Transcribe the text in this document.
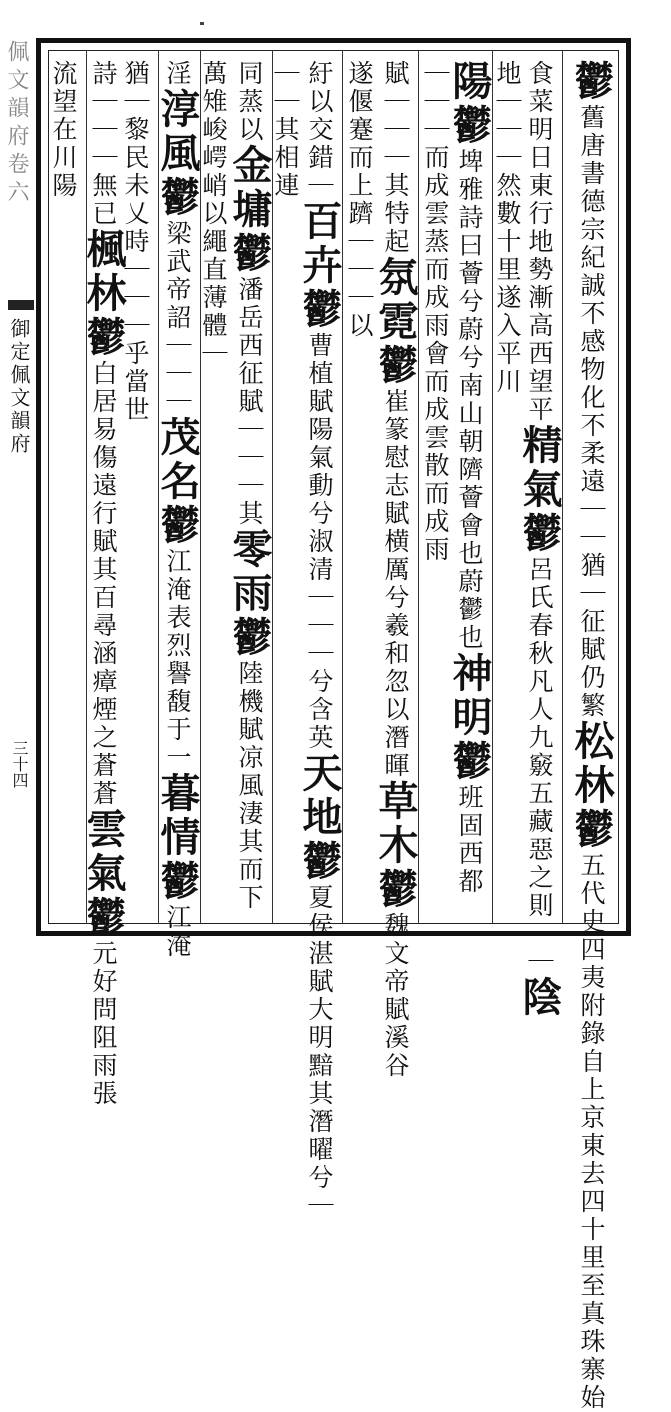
佩文韻府卷六
御定佩文韻府
三十四
鬱舊唐書德宗紀誠不感物化不柔遠｜｜猶｜征賦仍繁松林鬱五代史四夷附錄自上京東去四十里至真珠寨始
食菜明日東行地勢漸高西望平精氣鬱呂氏春秋凡人九竅五藏惡之則｜｜陰
地｜｜｜然數十里遂入平川
陽鬱埤雅詩曰薈兮蔚兮南山朝隮薈會也蔚鬱也神明鬱班固西都
｜｜｜而成雲蒸而成雨會而成雲散而成雨
賦｜｜｜其特起氛霓鬱崔篆慰志賦横厲兮羲和忽以潛暉草木鬱魏文帝賦溪谷
遂偃蹇而上躋｜｜｜以
紆以交錯｜百卉鬱曹植賦陽氣動兮淑清｜｜｜兮含英天地鬱夏侯湛賦大明黯其潛曜兮｜
｜｜其相連
同蒸以金墉鬱潘岳西征賦｜｜｜其零雨鬱陸機賦凉風淒其而下
萬雉峻崿峭以繩直薄體｜
淫淳風鬱梁武帝詔｜｜｜茂名鬱江淹表烈譽馥于一暮情鬱江淹
猶｜黎民未乂時｜｜｜乎當世
詩｜｜｜無已楓林鬱白居易傷遠行賦其百尋涵瘴煙之蒼蒼雲氣鬱元好問阻雨張
流望在川陽
